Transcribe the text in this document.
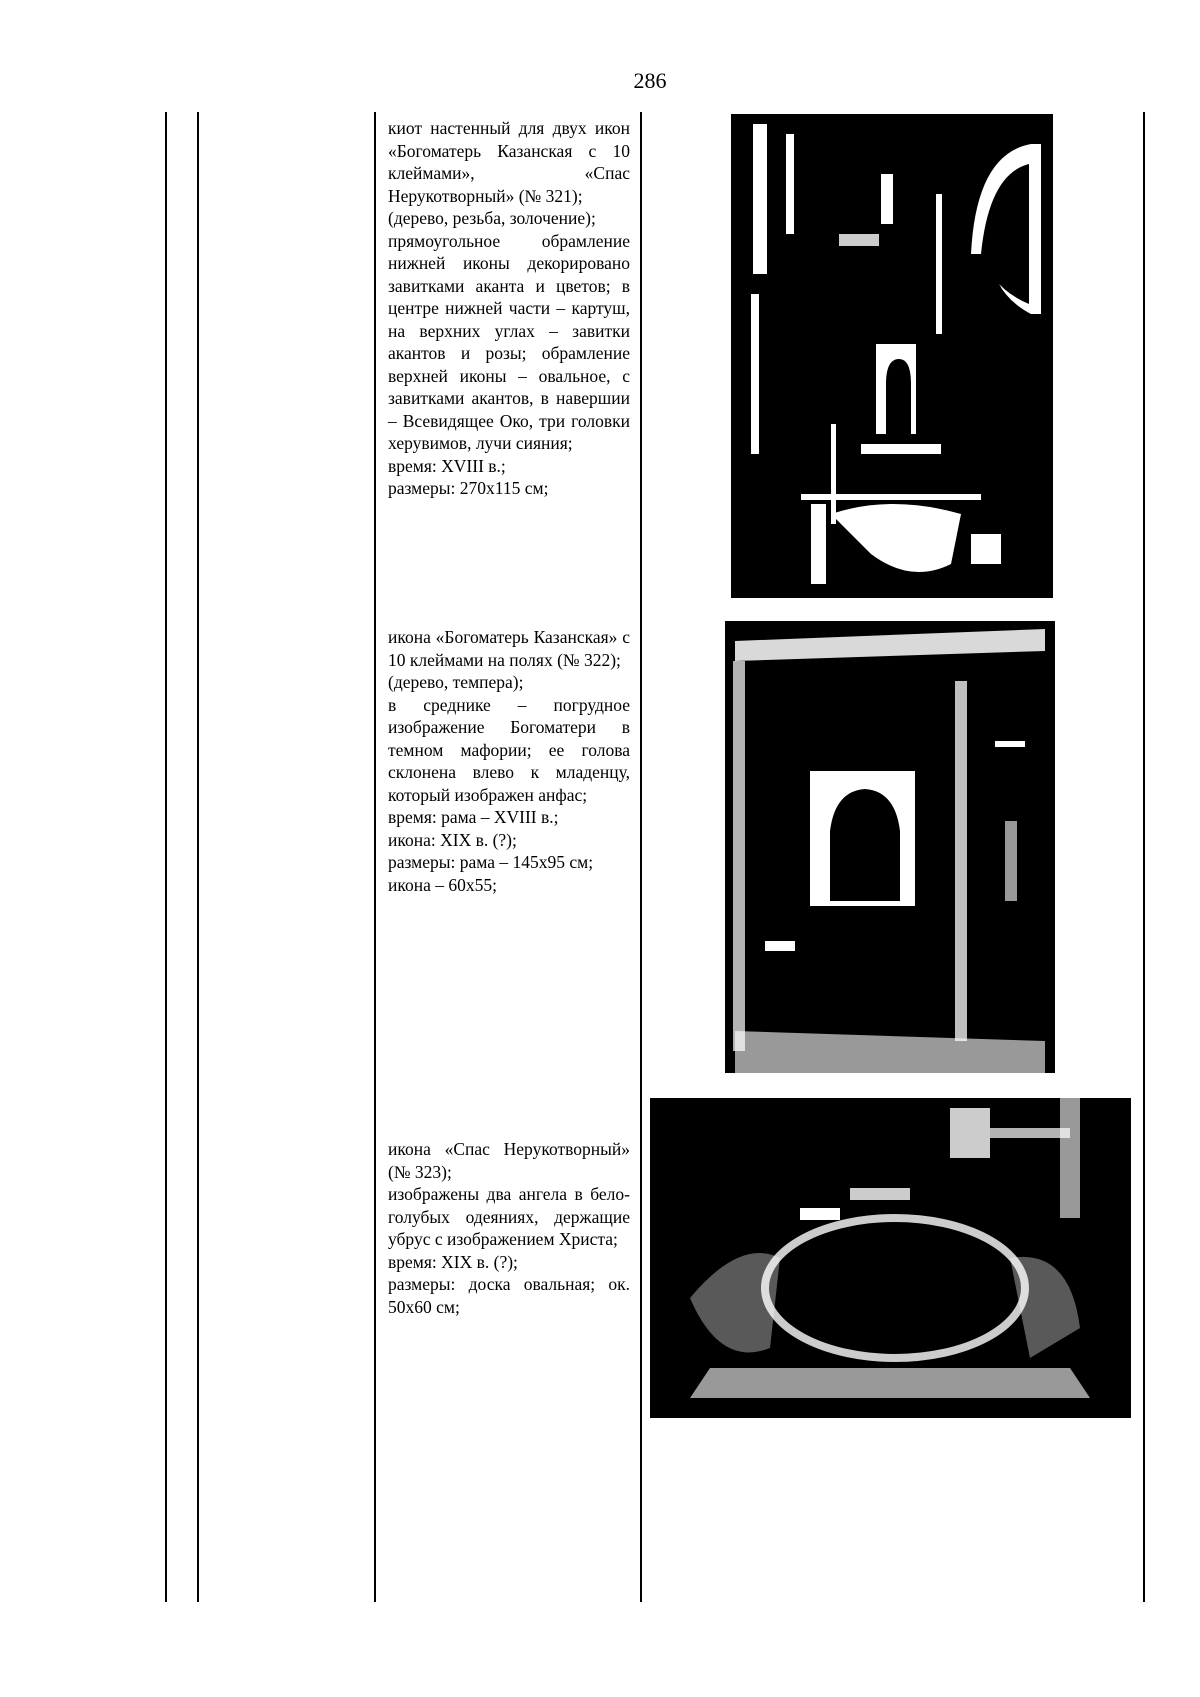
286

киот настенный для двух икон «Богоматерь Казанская с 10 клеймами», «Спас Нерукотворный» (№ 321);

(дерево, резьба, золочение);

прямоугольное обрамление нижней иконы декорировано завитками аканта и цветов; в центре нижней части – картуш, на верхних углах – завитки акантов и розы; обрамление верхней иконы – овальное, с завитками акантов, в навершии – Всевидящее Око, три головки херувимов, лучи сияния;

время: XVIII в.;

размеры: 270х115 см;

икона «Богоматерь Казанская» с 10 клеймами на полях (№ 322);

(дерево, темпера);

в среднике – погрудное изображение Богоматери в темном мафории; ее голова склонена влево к младенцу, который изображен анфас;

время: рама – XVIII в.;

икона: XIX в. (?);

размеры: рама – 145х95 см;

икона – 60х55;

икона «Спас Нерукотворный» (№ 323);

изображены два ангела в бело-голубых одеяниях, держащие убрус с изображением Христа;

время: XIX в. (?);

размеры: доска овальная; ок. 50х60 см;
